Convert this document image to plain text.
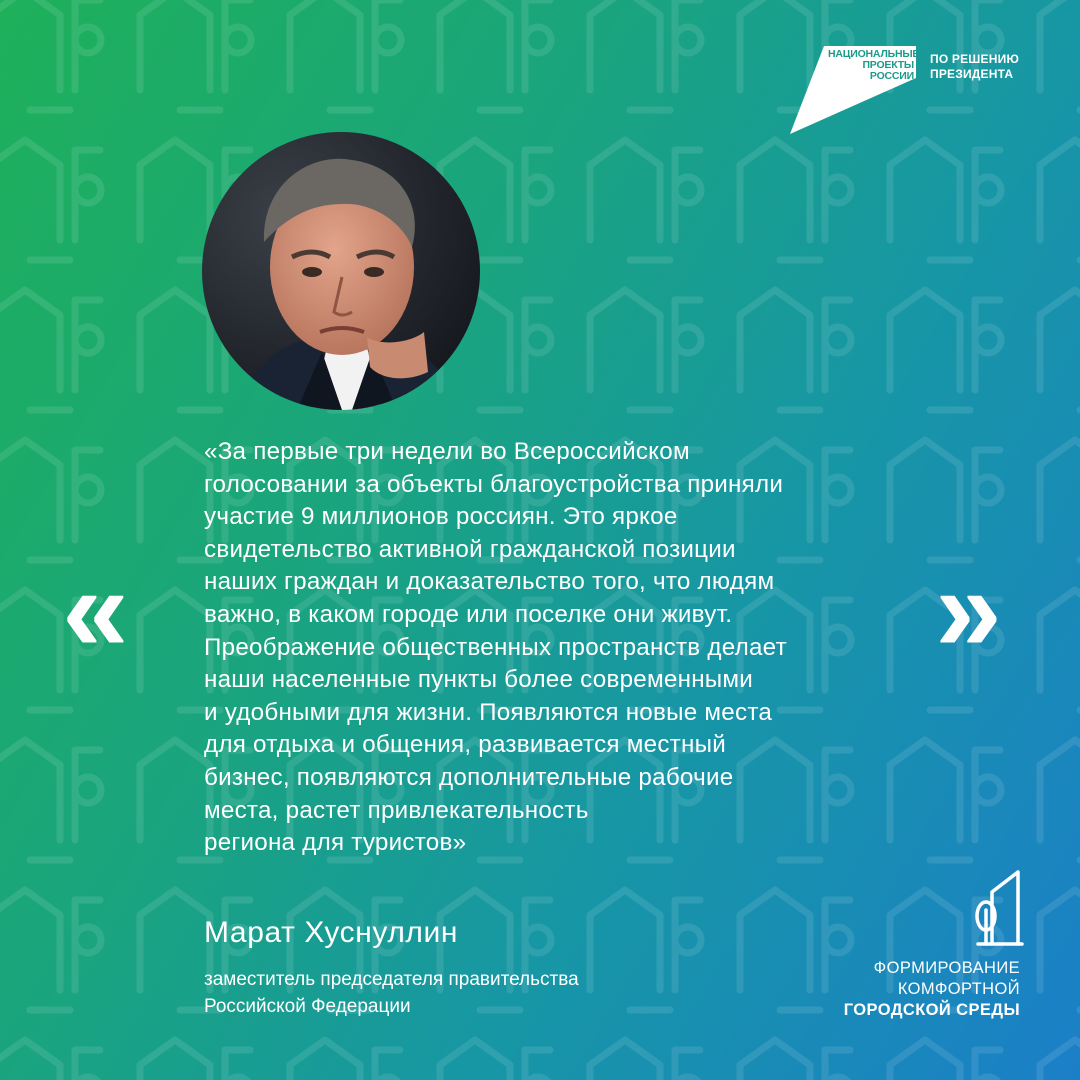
НАЦИОНАЛЬНЫЕ
ПРОЕКТЫ
РОССИИ
ПО РЕШЕНИЮ
ПРЕЗИДЕНТА
«	»
«За первые три недели во Всероссийском
голосовании за объекты благоустройства приняли
участие 9 миллионов россиян. Это яркое
свидетельство активной гражданской позиции
наших граждан и доказательство того, что людям
важно, в каком городе или поселке они живут.
Преображение общественных пространств делает
наши населенные пункты более современными
и удобными для жизни. Появляются новые места
для отдыха и общения, развивается местный
бизнес, появляются дополнительные рабочие
места, растет привлекательность
региона для туристов»
Марат Хуснуллин
заместитель председателя правительства
Российской Федерации
ФОРМИРОВАНИЕ
КОМФОРТНОЙ
ГОРОДСКОЙ СРЕДЫ
